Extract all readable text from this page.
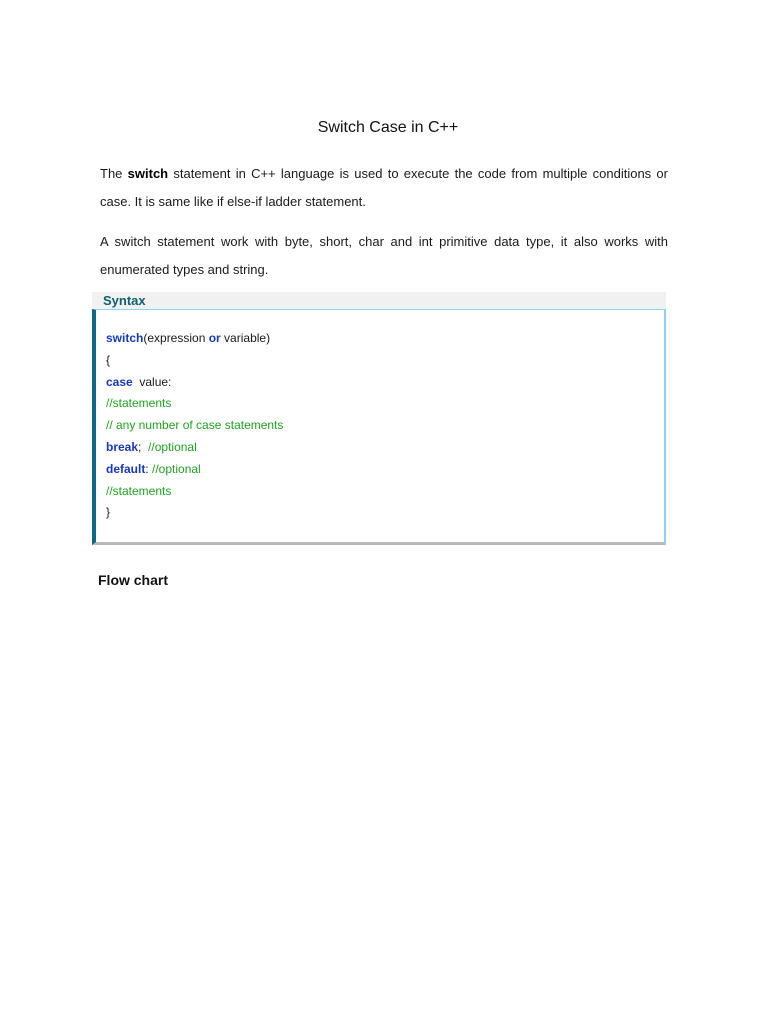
Switch Case in C++

The switch statement in C++ language is used to execute the code from multiple conditions or case. It is same like if else-if ladder statement.

A switch statement work with byte, short, char and int primitive data type, it also works with enumerated types and string.

Syntax
switch(expression or variable)
{
case  value:
//statements
// any number of case statements
break;  //optional
default: //optional
//statements
}
Flow chart
